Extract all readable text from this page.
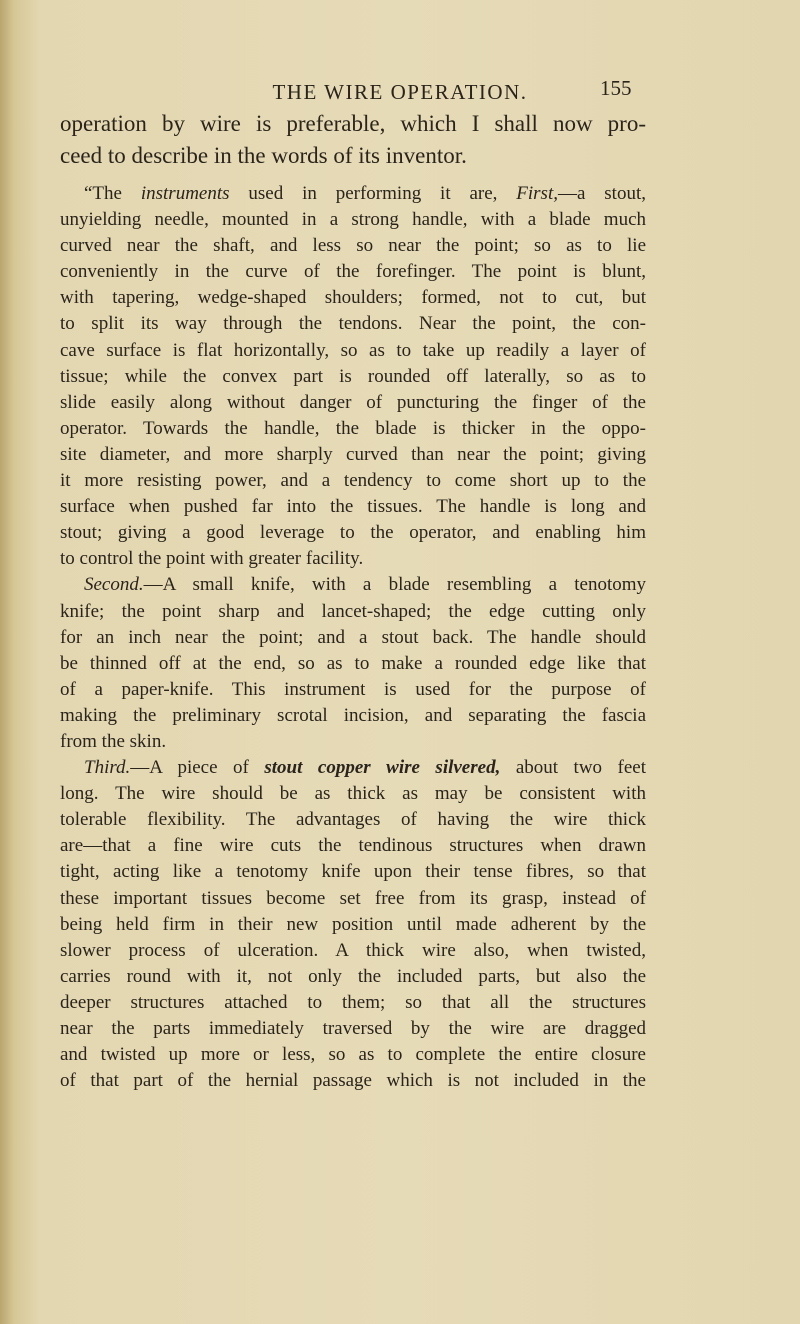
THE WIRE OPERATION.	155
operation by wire is preferable, which I shall now pro-
ceed to describe in the words of its inventor.
“The instruments used in performing it are, First,—a stout,
unyielding needle, mounted in a strong handle, with a blade much
curved near the shaft, and less so near the point; so as to lie
conveniently in the curve of the forefinger. The point is blunt,
with tapering, wedge-shaped shoulders; formed, not to cut, but
to split its way through the tendons. Near the point, the con-
cave surface is flat horizontally, so as to take up readily a layer of
tissue; while the convex part is rounded off laterally, so as to
slide easily along without danger of puncturing the finger of the
operator. Towards the handle, the blade is thicker in the oppo-
site diameter, and more sharply curved than near the point; giving
it more resisting power, and a tendency to come short up to the
surface when pushed far into the tissues. The handle is long and
stout; giving a good leverage to the operator, and enabling him
to control the point with greater facility.
Second.—A small knife, with a blade resembling a tenotomy
knife; the point sharp and lancet-shaped; the edge cutting only
for an inch near the point; and a stout back. The handle should
be thinned off at the end, so as to make a rounded edge like that
of a paper-knife. This instrument is used for the purpose of
making the preliminary scrotal incision, and separating the fascia
from the skin.
Third.—A piece of stout copper wire silvered, about two feet
long. The wire should be as thick as may be consistent with
tolerable flexibility. The advantages of having the wire thick
are—that a fine wire cuts the tendinous structures when drawn
tight, acting like a tenotomy knife upon their tense fibres, so that
these important tissues become set free from its grasp, instead of
being held firm in their new position until made adherent by the
slower process of ulceration. A thick wire also, when twisted,
carries round with it, not only the included parts, but also the
deeper structures attached to them; so that all the structures
near the parts immediately traversed by the wire are dragged
and twisted up more or less, so as to complete the entire closure
of that part of the hernial passage which is not included in the
